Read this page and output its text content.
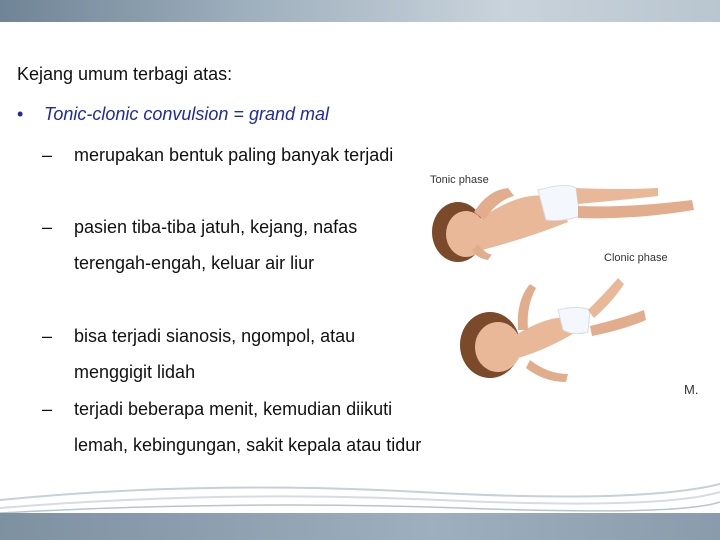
Kejang umum terbagi atas:
• Tonic-clonic convulsion = grand mal
– merupakan bentuk paling banyak terjadi
– pasien tiba-tiba jatuh, kejang, nafas terengah-engah, keluar air liur
– bisa terjadi sianosis, ngompol, atau menggigit lidah
– terjadi beberapa menit, kemudian diikuti lemah, kebingungan, sakit kepala atau tidur
Tonic phase
Clonic phase
M.
